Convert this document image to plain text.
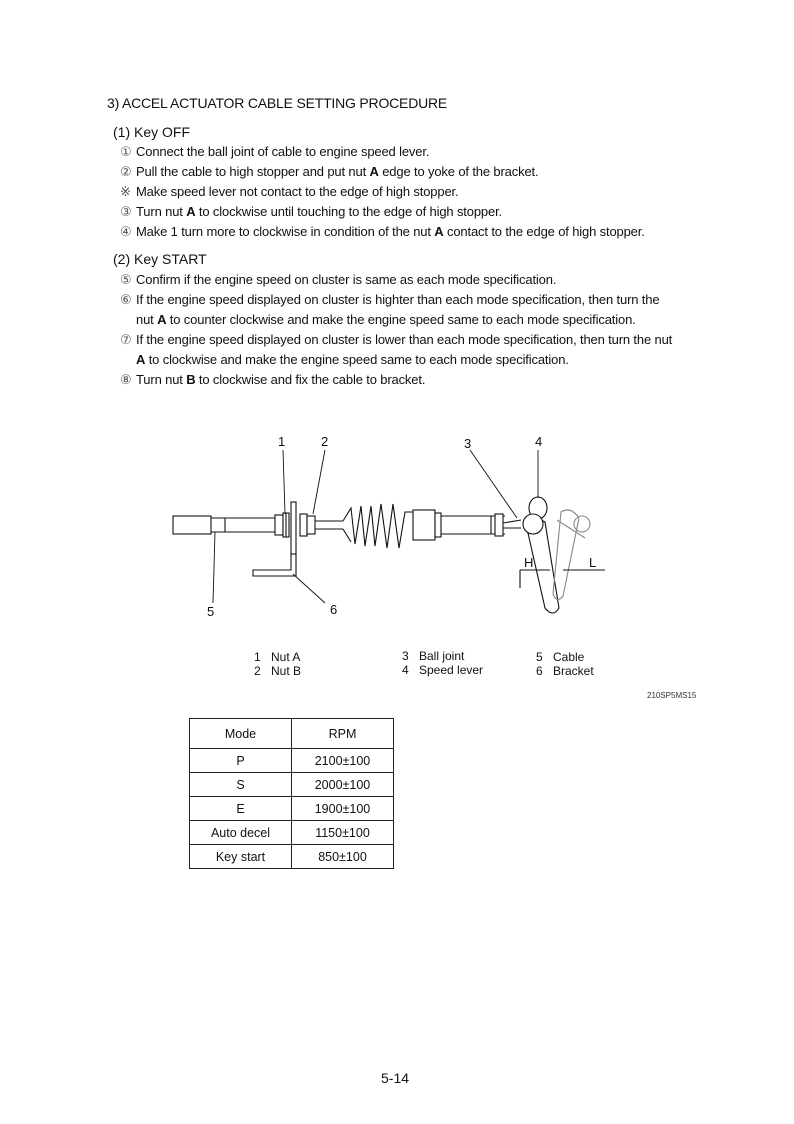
3) ACCEL ACTUATOR CABLE SETTING PROCEDURE
(1) Key OFF
① Connect the ball joint of cable to engine speed lever.
② Pull the cable to high stopper and put nut A edge to yoke of the bracket.
※ Make speed lever not contact to the edge of high stopper.
③ Turn nut A to clockwise until touching to the edge of high stopper.
④ Make 1 turn more to clockwise in condition of the nut A contact to the edge of high stopper.
(2) Key START
⑤ Confirm if the engine speed on cluster is same as each mode specification.
⑥ If the engine speed displayed on cluster is highter than each mode specification, then turn the
nut A to counter clockwise and make the engine speed same to each mode specification.
⑦ If the engine speed displayed on cluster is lower than each mode specification, then turn the nut
A to clockwise and make the engine speed same to each mode specification.
⑧ Turn nut B to clockwise and fix the cable to bracket.
1	2	3	4
5	6
H	L
1 Nut A
2 Nut B
3 Ball joint
4 Speed lever
5 Cable
6 Bracket
210SP5MS15
Mode	RPM
P	2100±100
S	2000±100
E	1900±100
Auto decel	1150±100
Key start	850±100
5-14
